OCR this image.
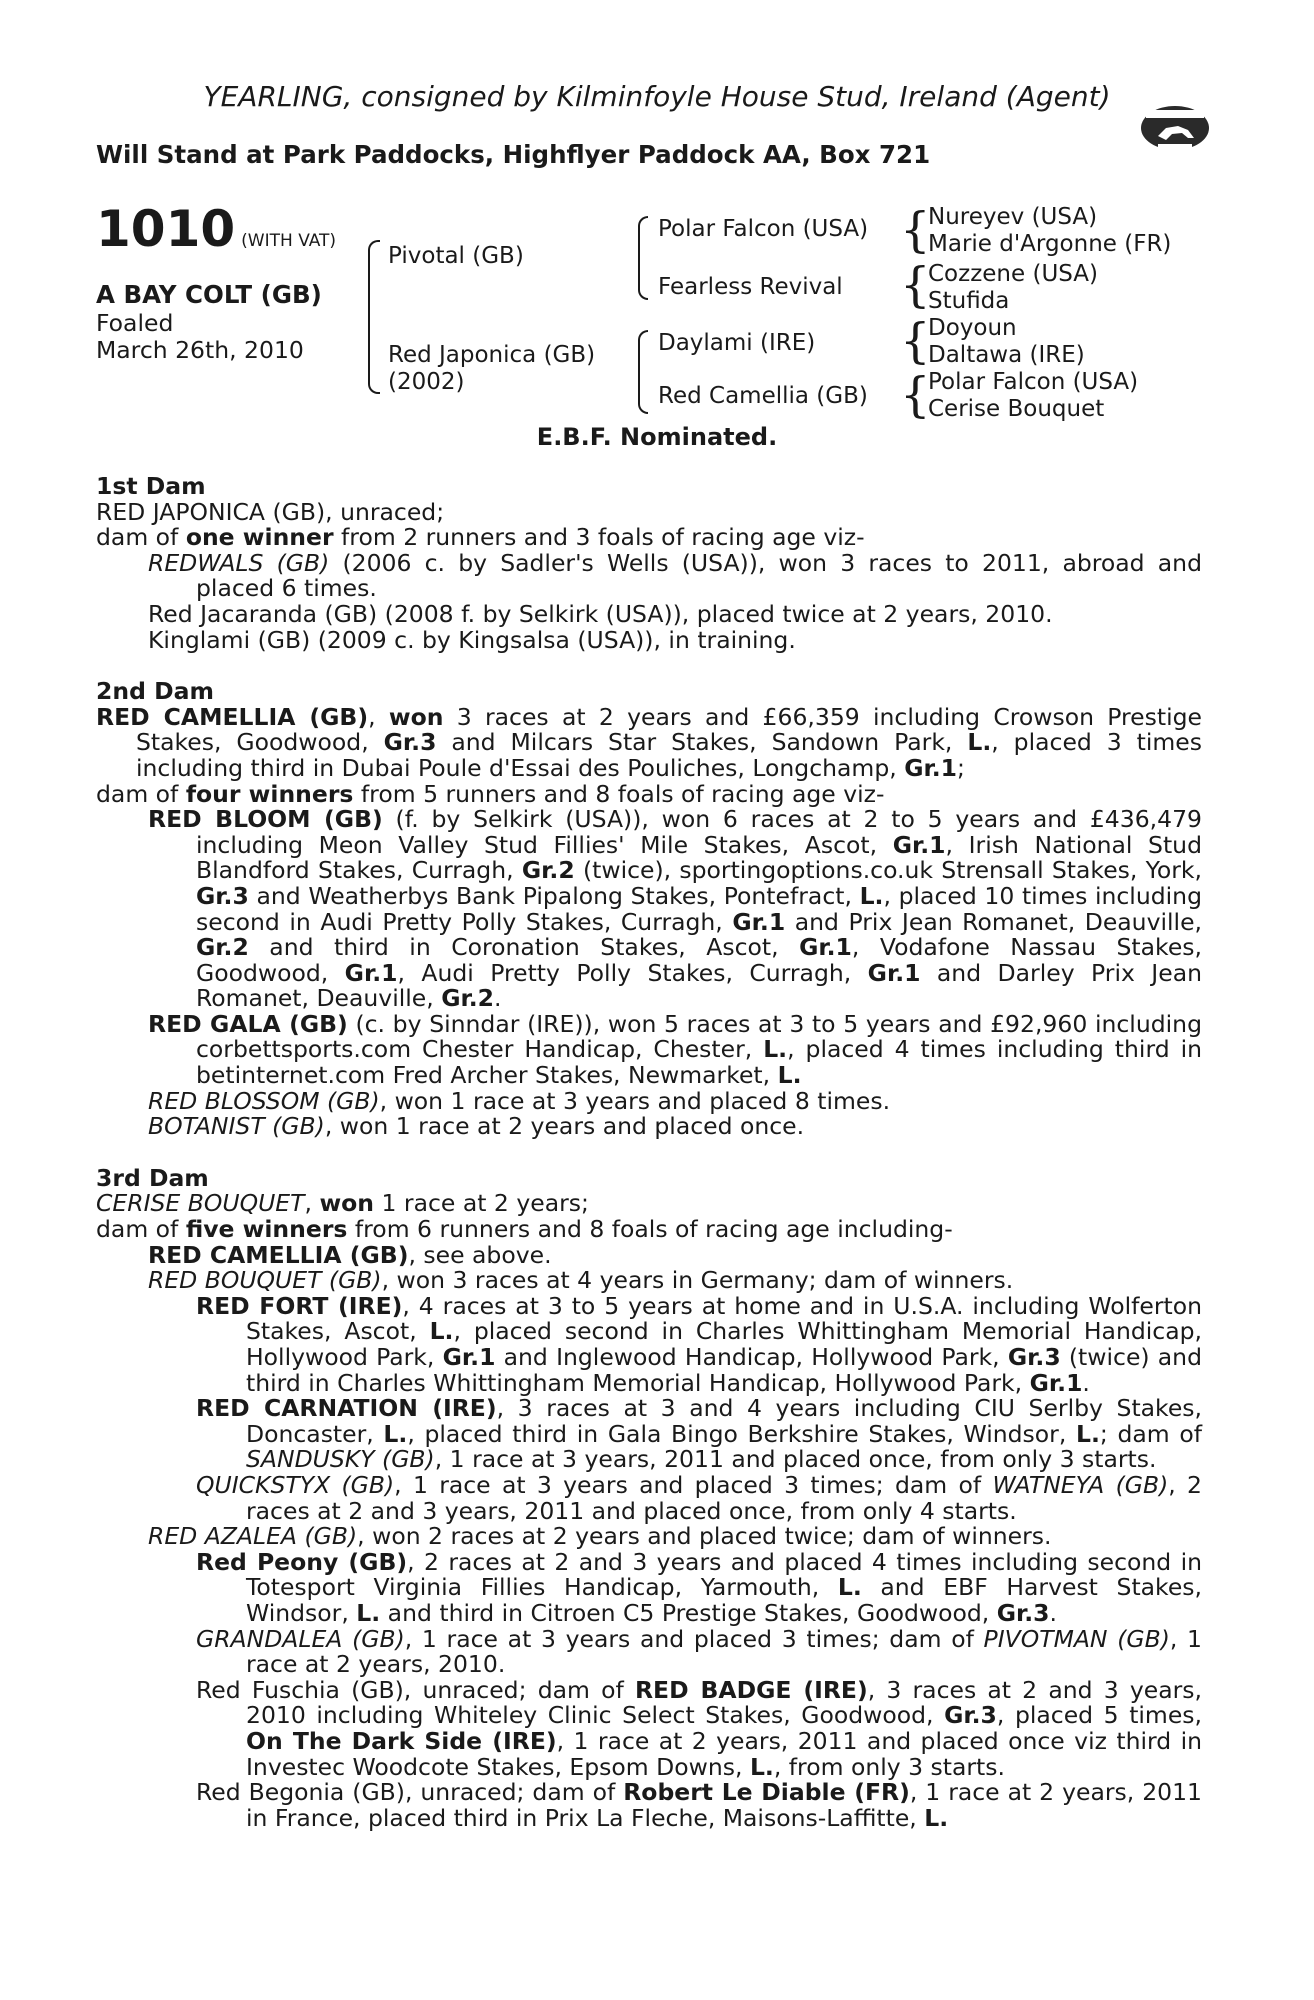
YEARLING, consigned by Kilminfoyle House Stud, Ireland (Agent)
Will Stand at Park Paddocks, Highflyer Paddock AA, Box 721
1010 (WITH VAT)
A BAY COLT (GB)
Foaled
March 26th, 2010
Pivotal (GB)
Red Japonica (GB)
(2002)
Polar Falcon (USA)
Fearless Revival
Daylami (IRE)
Red Camellia (GB)
{
Nureyev (USA)
Marie d'Argonne (FR)
{
Cozzene (USA)
Stufida
{
Doyoun
Daltawa (IRE)
{
Polar Falcon (USA)
Cerise Bouquet
E.B.F. Nominated.
1st Dam
RED JAPONICA (GB), unraced;
dam of one winner from 2 runners and 3 foals of racing age viz-
REDWALS (GB) (2006 c. by Sadler's Wells (USA)), won 3 races to 2011, abroad and placed 6 times.
Red Jacaranda (GB) (2008 f. by Selkirk (USA)), placed twice at 2 years, 2010.
Kinglami (GB) (2009 c. by Kingsalsa (USA)), in training.
2nd Dam
RED CAMELLIA (GB), won 3 races at 2 years and £66,359 including Crowson Prestige Stakes, Goodwood, Gr.3 and Milcars Star Stakes, Sandown Park, L., placed 3 times including third in Dubai Poule d'Essai des Pouliches, Longchamp, Gr.1;
dam of four winners from 5 runners and 8 foals of racing age viz-
RED BLOOM (GB) (f. by Selkirk (USA)), won 6 races at 2 to 5 years and £436,479 including Meon Valley Stud Fillies' Mile Stakes, Ascot, Gr.1, Irish National Stud Blandford Stakes, Curragh, Gr.2 (twice), sportingoptions.co.uk Strensall Stakes, York, Gr.3 and Weatherbys Bank Pipalong Stakes, Pontefract, L., placed 10 times including second in Audi Pretty Polly Stakes, Curragh, Gr.1 and Prix Jean Romanet, Deauville, Gr.2 and third in Coronation Stakes, Ascot, Gr.1, Vodafone Nassau Stakes, Goodwood, Gr.1, Audi Pretty Polly Stakes, Curragh, Gr.1 and Darley Prix Jean Romanet, Deauville, Gr.2.
RED GALA (GB) (c. by Sinndar (IRE)), won 5 races at 3 to 5 years and £92,960 including corbettsports.com Chester Handicap, Chester, L., placed 4 times including third in betinternet.com Fred Archer Stakes, Newmarket, L.
RED BLOSSOM (GB), won 1 race at 3 years and placed 8 times.
BOTANIST (GB), won 1 race at 2 years and placed once.
3rd Dam
CERISE BOUQUET, won 1 race at 2 years;
dam of five winners from 6 runners and 8 foals of racing age including-
RED CAMELLIA (GB), see above.
RED BOUQUET (GB), won 3 races at 4 years in Germany; dam of winners.
RED FORT (IRE), 4 races at 3 to 5 years at home and in U.S.A. including Wolferton Stakes, Ascot, L., placed second in Charles Whittingham Memorial Handicap, Hollywood Park, Gr.1 and Inglewood Handicap, Hollywood Park, Gr.3 (twice) and third in Charles Whittingham Memorial Handicap, Hollywood Park, Gr.1.
RED CARNATION (IRE), 3 races at 3 and 4 years including CIU Serlby Stakes, Doncaster, L., placed third in Gala Bingo Berkshire Stakes, Windsor, L.; dam of SANDUSKY (GB), 1 race at 3 years, 2011 and placed once, from only 3 starts.
QUICKSTYX (GB), 1 race at 3 years and placed 3 times; dam of WATNEYA (GB), 2 races at 2 and 3 years, 2011 and placed once, from only 4 starts.
RED AZALEA (GB), won 2 races at 2 years and placed twice; dam of winners.
Red Peony (GB), 2 races at 2 and 3 years and placed 4 times including second in Totesport Virginia Fillies Handicap, Yarmouth, L. and EBF Harvest Stakes, Windsor, L. and third in Citroen C5 Prestige Stakes, Goodwood, Gr.3.
GRANDALEA (GB), 1 race at 3 years and placed 3 times; dam of PIVOTMAN (GB), 1 race at 2 years, 2010.
Red Fuschia (GB), unraced; dam of RED BADGE (IRE), 3 races at 2 and 3 years, 2010 including Whiteley Clinic Select Stakes, Goodwood, Gr.3, placed 5 times, On The Dark Side (IRE), 1 race at 2 years, 2011 and placed once viz third in Investec Woodcote Stakes, Epsom Downs, L., from only 3 starts.
Red Begonia (GB), unraced; dam of Robert Le Diable (FR), 1 race at 2 years, 2011 in France, placed third in Prix La Fleche, Maisons-Laffitte, L.
